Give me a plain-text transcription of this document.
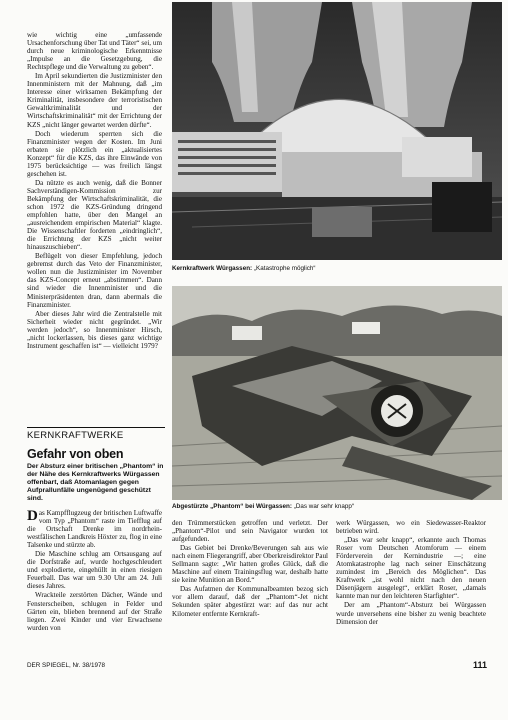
wie wichtig eine „umfassende Ursachenforschung über Tat und Täter“ sei, um durch neue kriminologische Erkenntnisse „Impulse an die Gesetzgebung, die Rechtspflege und die Verwaltung zu geben“.

Im April sekundierten die Justizminister den Innenministern mit der Mahnung, daß „im Interesse einer wirksamen Bekämpfung der Kriminalität, insbesondere der terroristischen Gewaltkriminalität und der Wirtschaftskriminalität“ mit der Errichtung der KZS „nicht länger gewartet werden dürfte“.

Doch wiederum sperrten sich die Finanzminister wegen der Kosten. Im Juni erbaten sie plötzlich ein „aktualisiertes Konzept“ für die KZS, das ihre Einwände von 1975 berücksichtige — was freilich längst geschehen ist.

Da nützte es auch wenig, daß die Bonner Sachverständigen-Kommission zur Bekämpfung der Wirtschaftskriminalität, die schon 1972 die KZS-Gründung dringend empfohlen hatte, über den Mangel an „ausreichendem empirischen Material“ klagte. Die Wissenschaftler forderten „eindringlich“, die Errichtung der KZS „nicht weiter hinauszuschieben“.

Beflügelt von dieser Empfehlung, jedoch gebremst durch das Veto der Finanzminister, wollen nun die Justizminister im November das KZS-Concept erneut „abstimmen“. Dann sind wieder die Innenminister und die Ministerpräsidenten dran, dann abermals die Finanzminister.

Aber dieses Jahr wird die Zentralstelle mit Sicherheit wieder nicht gegründet. „Wir werden jedoch“, so Innenminister Hirsch, „nicht lockerlassen, bis dieses ganz wichtige Instrument geschaffen ist“ — vielleicht 1979?

Kernkraftwerk Würgassen: „Katastrophe möglich“
Abgestürzte „Phantom“ bei Würgassen: „Das war sehr knapp“
KERNKRAFTWERKE
Gefahr von oben
Der Absturz einer britischen „Phantom“ in der Nähe des Kernkraftwerks Würgassen offenbart, daß Atomanlagen gegen Aufprallunfälle ungenügend geschützt sind.

Das Kampfflugzeug der britischen Luftwaffe vom Typ „Phantom“ raste im Tiefflug auf die Ortschaft Drenke im nordrhein-westfälischen Landkreis Höxter zu, flog in eine Talsenke und stürzte ab.

Die Maschine schlug am Ortsausgang auf die Dorfstraße auf, wurde hochgeschleudert und explodierte, eingehüllt in einen riesigen Feuerball. Das war um 9.30 Uhr am 24. Juli dieses Jahres.

Wrackteile zerstörten Dächer, Wände und Fensterscheiben, schlugen in Felder und Gärten ein, blieben brennend auf der Straße liegen. Zwei Kinder und vier Erwachsene wurden von

den Trümmerstücken getroffen und verletzt. Der „Phantom“-Pilot und sein Navigator wurden tot aufgefunden.

Das Gebiet bei Drenke/Beverungen sah aus wie nach einem Fliegerangriff, aber Oberkreisdirektor Paul Sellmann sagte: „Wir hatten großes Glück, daß die Maschine auf einem Trainingsflug war, deshalb hatte sie keine Munition an Bord.“

Das Aufatmen der Kommunalbeamten bezog sich vor allem darauf, daß der „Phantom“-Jet nicht Sekunden später abgestürzt war: auf das nur acht Kilometer entfernte Kernkraft-

werk Würgassen, wo ein Siedewasser-Reaktor betrieben wird.

„Das war sehr knapp“, erkannte auch Thomas Roser vom Deutschen Atomforum — einem Förderverein der Kernindustrie —; eine Atomkatastrophe lag nach seiner Einschätzung zumindest im „Bereich des Möglichen“. Das Kraftwerk „ist wohl nicht nach den neuen Düsenjägern ausgelegt“, erklärt Roser, „damals kannte man nur den leichteren Starfighter“.

Der am „Phantom“-Absturz bei Würgassen wurde unversehens eine bisher zu wenig beachtete Dimension der

DER SPIEGEL, Nr. 38/1978	111
